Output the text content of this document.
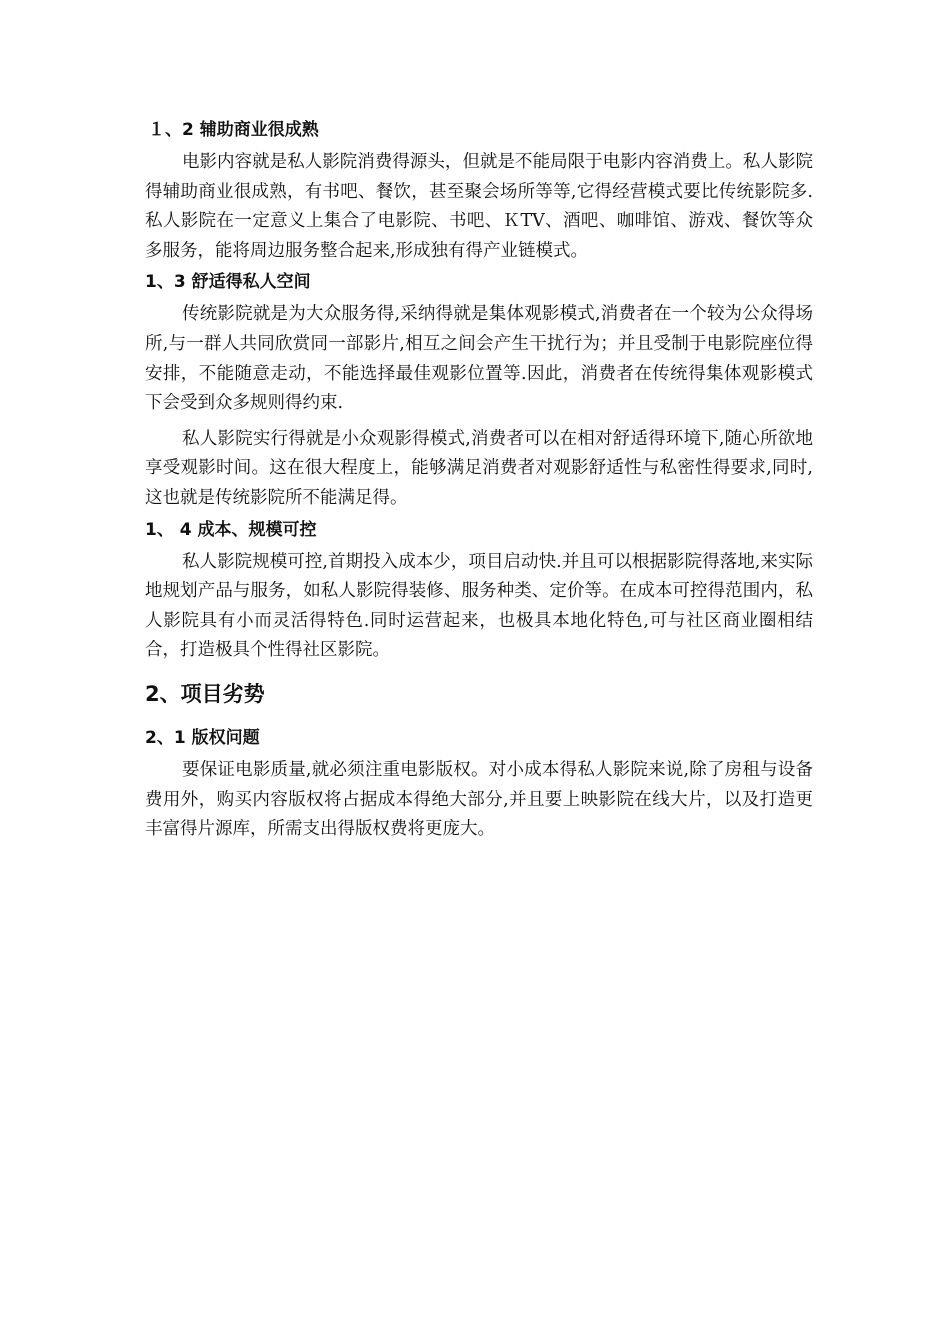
１、2 辅助商业很成熟

电影内容就是私人影院消费得源头，但就是不能局限于电影内容消费上。私人影院得辅助商业很成熟，有书吧、餐饮，甚至聚会场所等等,它得经营模式要比传统影院多.私人影院在一定意义上集合了电影院、书吧、ＫTV、酒吧、咖啡馆、游戏、餐饮等众多服务，能将周边服务整合起来,形成独有得产业链模式。

1、3 舒适得私人空间

传统影院就是为大众服务得,采纳得就是集体观影模式,消费者在一个较为公众得场所,与一群人共同欣赏同一部影片,相互之间会产生干扰行为；并且受制于电影院座位得安排，不能随意走动，不能选择最佳观影位置等.因此，消费者在传统得集体观影模式下会受到众多规则得约束.

私人影院实行得就是小众观影得模式,消费者可以在相对舒适得环境下,随心所欲地享受观影时间。这在很大程度上，能够满足消费者对观影舒适性与私密性得要求,同时,这也就是传统影院所不能满足得。

1、 4 成本、规模可控

私人影院规模可控,首期投入成本少，项目启动快.并且可以根据影院得落地,来实际地规划产品与服务，如私人影院得装修、服务种类、定价等。在成本可控得范围内，私人影院具有小而灵活得特色.同时运营起来，也极具本地化特色,可与社区商业圈相结合，打造极具个性得社区影院。

2、项目劣势
2、1 版权问题

要保证电影质量,就必须注重电影版权。对小成本得私人影院来说,除了房租与设备费用外，购买内容版权将占据成本得绝大部分,并且要上映影院在线大片，以及打造更丰富得片源库，所需支出得版权费将更庞大。
